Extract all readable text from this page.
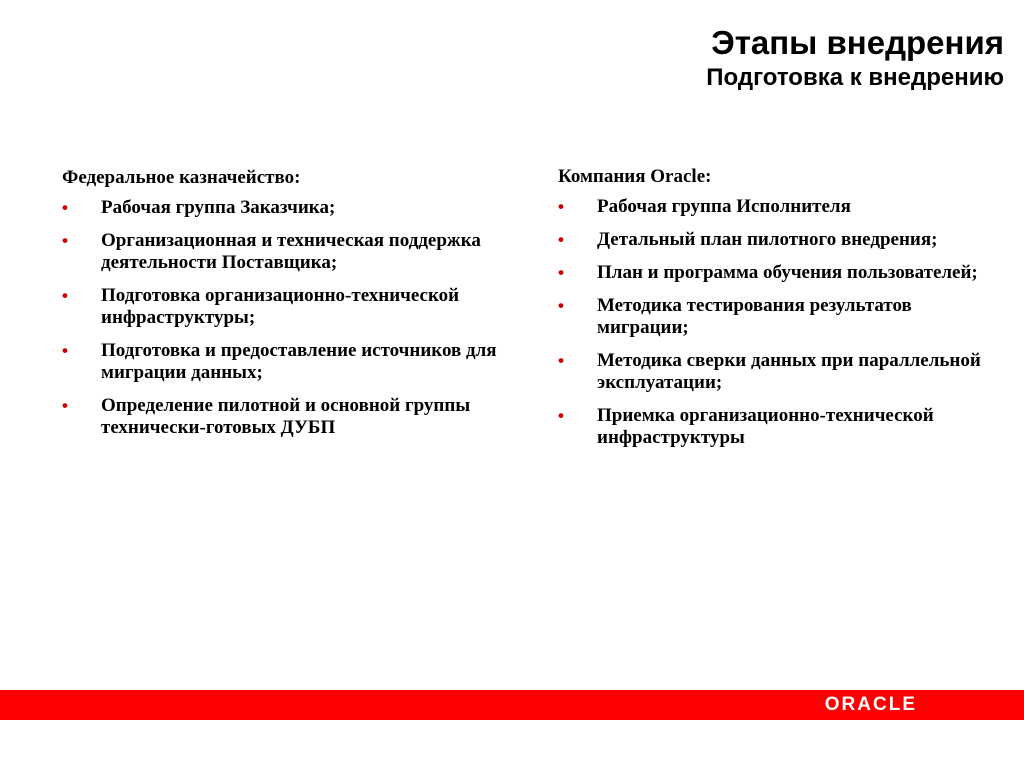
Этапы внедрения
Подготовка к внедрению
Федеральное казначейство:
• Рабочая группа Заказчика;
• Организационная и техническая поддержка деятельности Поставщика;
• Подготовка организационно-технической инфраструктуры;
• Подготовка и предоставление источников для миграции данных;
• Определение пилотной и основной группы технически-готовых ДУБП
Компания Oracle:
• Рабочая группа Исполнителя
• Детальный план пилотного внедрения;
• План и программа обучения пользователей;
• Методика тестирования результатов миграции;
• Методика сверки данных при параллельной эксплуатации;
• Приемка организационно-технической инфраструктуры
ORACLE
